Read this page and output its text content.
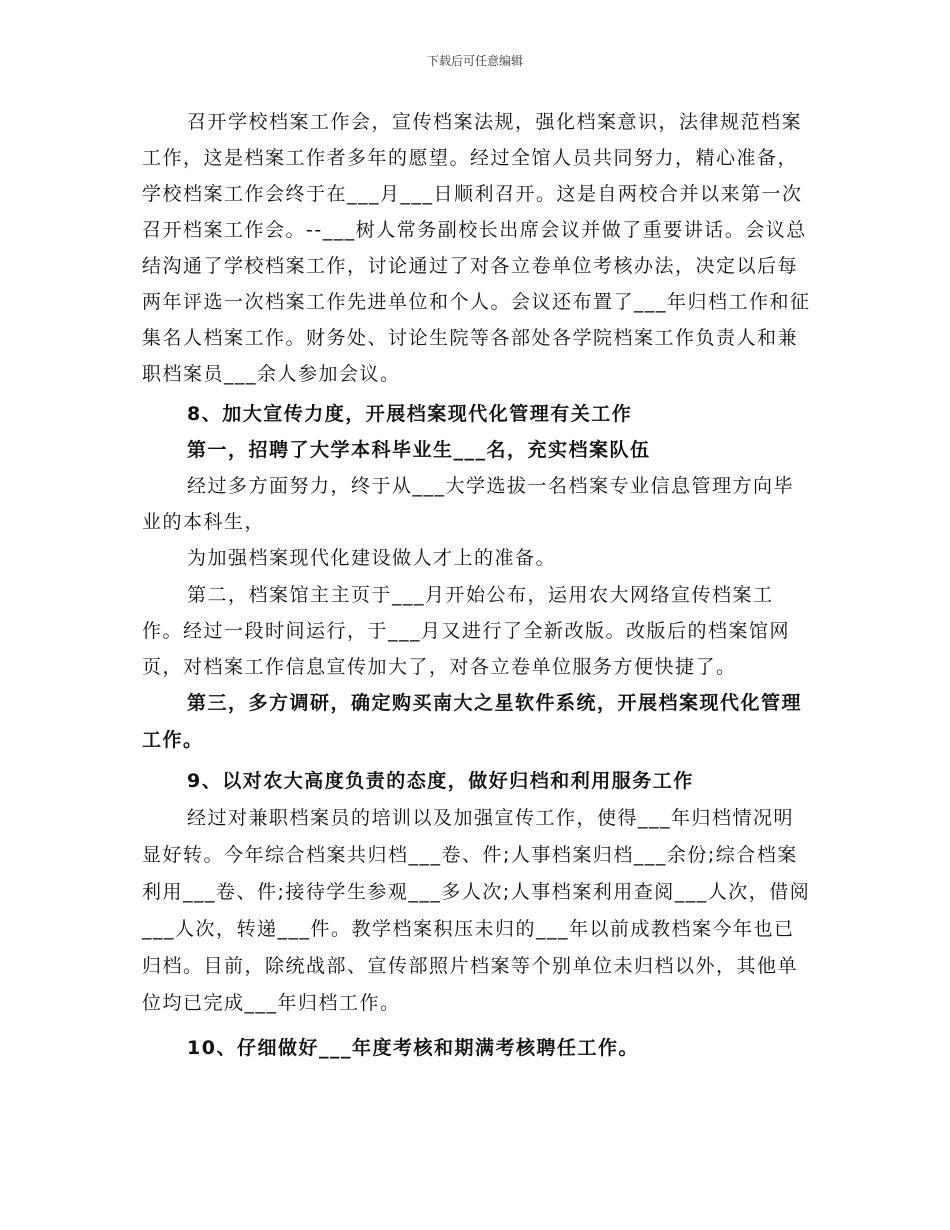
下载后可任意编辑

召开学校档案工作会，宣传档案法规，强化档案意识，法律规范档案工作，这是档案工作者多年的愿望。经过全馆人员共同努力，精心准备，学校档案工作会终于在___月___日顺利召开。这是自两校合并以来第一次召开档案工作会。--___树人常务副校长出席会议并做了重要讲话。会议总结沟通了学校档案工作，讨论通过了对各立卷单位考核办法，决定以后每两年评选一次档案工作先进单位和个人。会议还布置了___年归档工作和征集名人档案工作。财务处、讨论生院等各部处各学院档案工作负责人和兼职档案员___余人参加会议。

8、加大宣传力度，开展档案现代化管理有关工作

第一，招聘了大学本科毕业生___名，充实档案队伍

经过多方面努力，终于从___大学选拔一名档案专业信息管理方向毕业的本科生，

为加强档案现代化建设做人才上的准备。

第二，档案馆主主页于___月开始公布，运用农大网络宣传档案工作。经过一段时间运行，于___月又进行了全新改版。改版后的档案馆网页，对档案工作信息宣传加大了，对各立卷单位服务方便快捷了。

第三，多方调研，确定购买南大之星软件系统，开展档案现代化管理工作。

9、以对农大高度负责的态度，做好归档和利用服务工作

经过对兼职档案员的培训以及加强宣传工作，使得___年归档情况明显好转。今年综合档案共归档___卷、件;人事档案归档___余份;综合档案利用___卷、件;接待学生参观___多人次;人事档案利用查阅___人次，借阅___人次，转递___件。教学档案积压未归的___年以前成教档案今年也已归档。目前，除统战部、宣传部照片档案等个别单位未归档以外，其他单位均已完成___年归档工作。

10、仔细做好___年度考核和期满考核聘任工作。
